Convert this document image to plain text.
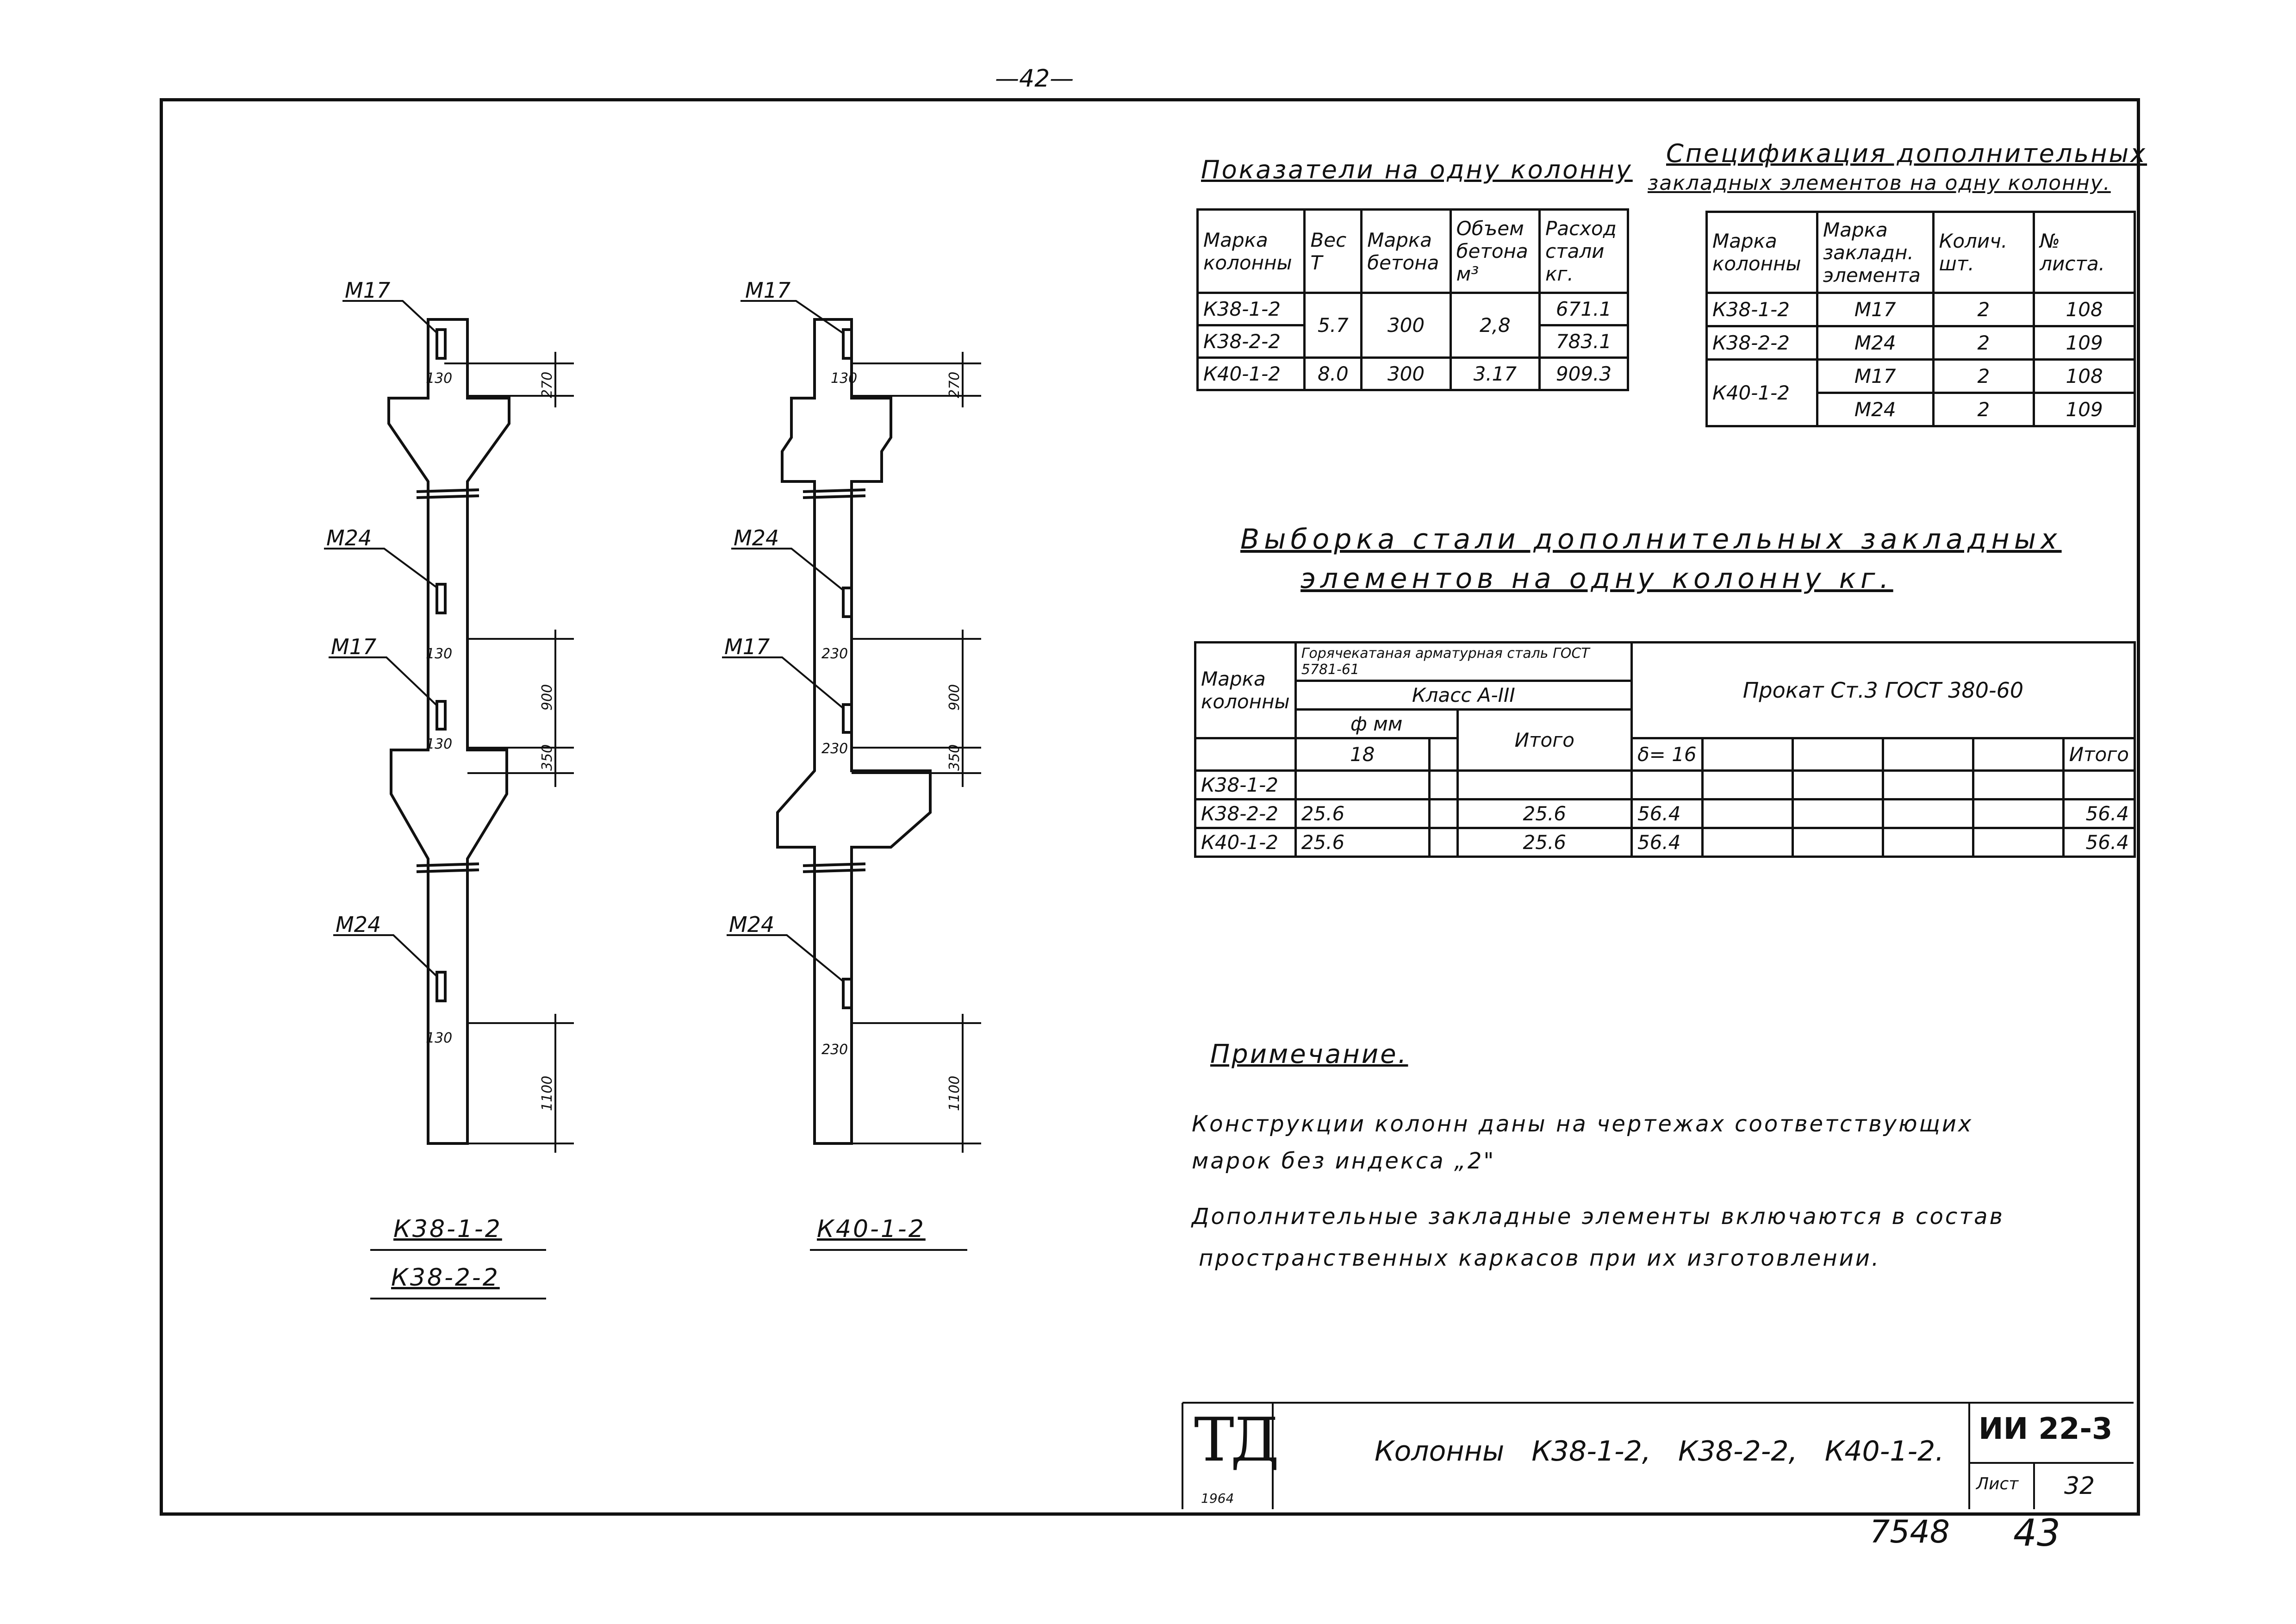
—42—
М17
М24
М17
М24
130
130
130
130
270
900
350
1100
К38-1-2
К38-2-2
М17
М24
М17
М24
130
230
230
230
270
900
350
1100
К40-1-2
Показатели на одну колонну
Марка колонны	Вес Т	Марка бетона	Объем бетона м³	Расход стали кг.
К38-1-2	5.7	300	2,8	671.1
К38-2-2				783.1
К40-1-2	8.0	300	3.17	909.3
Спецификация дополнительных
закладных элементов на одну колонну.
Марка колонны	Марка закладн. элемента	Колич. шт.	№ листа.
К38-1-2	М17	2	108
К38-2-2	М24	2	109
К40-1-2	М17	2	108
	М24	2	109
Выборка стали дополнительных закладных
элементов на одну колонну кг.
Марка колонны	Горячекатаная арматурная сталь ГОСТ 5781-61			Прокат Ст.3 ГОСТ 380-60					
	Класс А-III								
	ф мм		Итого						
	18			δ= 16					Итого
К38-1-2									
К38-2-2	25.6		25.6	56.4					56.4
К40-1-2	25.6		25.6	56.4					56.4
Примечание.
Конструкции колонн даны на чертежах соответствующих
марок без индекса „2"
Дополнительные закладные элементы включаются в состав
пространственных каркасов при их изготовлении.
ТД
1964
Колонны К38-1-2, К38-2-2, К40-1-2.
ИИ 22-3
Лист 32
7548 43
